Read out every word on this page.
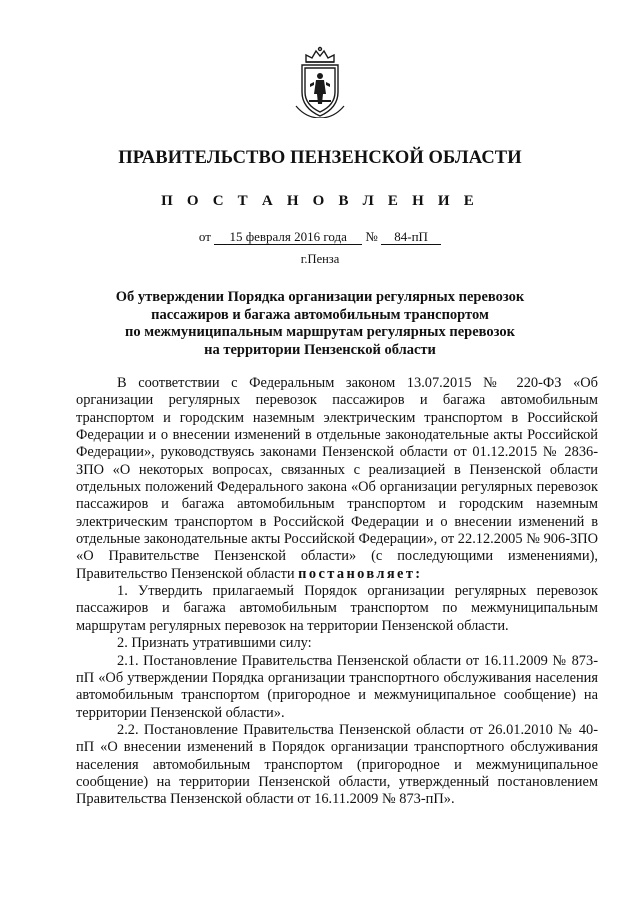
ПРАВИТЕЛЬСТВО ПЕНЗЕНСКОЙ ОБЛАСТИ
П О С Т А Н О В Л Е Н И Е
от 15 февраля 2016 года № 84-пП
г.Пенза
Об утверждении Порядка организации регулярных перевозок
пассажиров и багажа автомобильным транспортом
по межмуниципальным маршрутам регулярных перевозок
на территории Пензенской области

В соответствии с Федеральным законом 13.07.2015 № 220-ФЗ «Об организации регулярных перевозок пассажиров и багажа автомобильным транспортом и городским наземным электрическим транспортом в Российской Федерации и о внесении изменений в отдельные законодательные акты Российской Федерации», руководствуясь законами Пензенской области от 01.12.2015 № 2836-ЗПО «О некоторых вопросах, связанных с реализацией в Пензенской области отдельных положений Федерального закона «Об организации регулярных перевозок пассажиров и багажа автомобильным транспортом и городским наземным электрическим транспортом в Российской Федерации и о внесении изменений в отдельные законодательные акты Российской Федерации», от 22.12.2005 № 906-ЗПО «О Правительстве Пензенской области» (с последующими изменениями), Правительство Пензенской области постановляет:

1. Утвердить прилагаемый Порядок организации регулярных перевозок пассажиров и багажа автомобильным транспортом по межмуниципальным маршрутам регулярных перевозок на территории Пензенской области.

2. Признать утратившими силу:

2.1. Постановление Правительства Пензенской области от 16.11.2009 № 873-пП «Об утверждении Порядка организации транспортного обслуживания населения автомобильным транспортом (пригородное и межмуниципальное сообщение) на территории Пензенской области».

2.2. Постановление Правительства Пензенской области от 26.01.2010 № 40-пП «О внесении изменений в Порядок организации транспортного обслуживания населения автомобильным транспортом (пригородное и межмуниципальное сообщение) на территории Пензенской области, утвержденный постановлением Правительства Пензенской области от 16.11.2009 № 873-пП».
